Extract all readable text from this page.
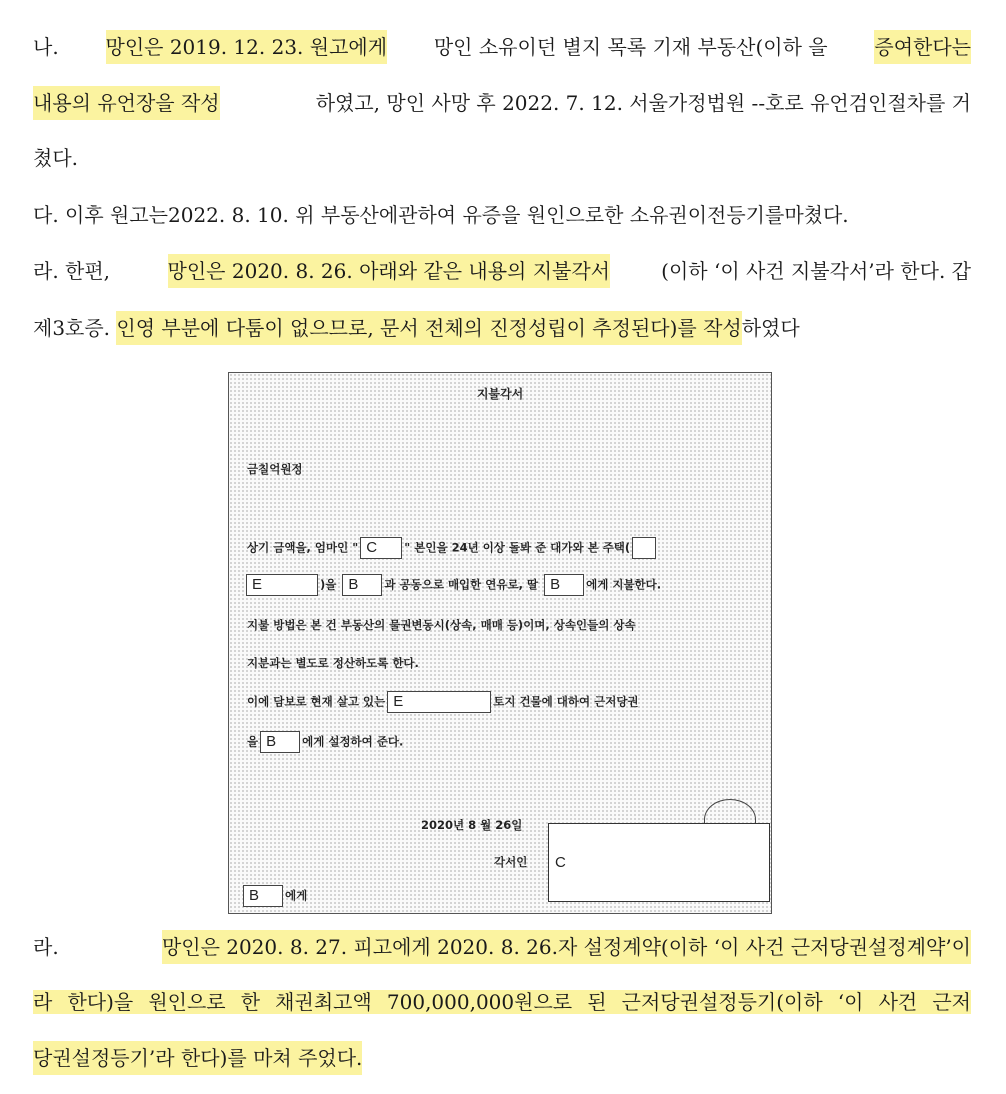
나. 망인은 2019. 12. 23. 원고에게 망인 소유이던 별지 목록 기재 부동산(이하 을 증여한다는
내용의 유언장을 작성	하였고, 망인 사망 후 2022. 7. 12. 서울가정법원 --호로 유언검인절차를 거
쳤다.
다. 이후 원고는2022. 8. 10. 위 부동산에관하여 유증을 원인으로한 소유권이전등기를마쳤다.
라. 한편,	망인은 2020. 8. 26. 아래와 같은 내용의 지불각서	(이하 ‘이 사건 지불각서’라 한다. 갑
제3호증. 인영 부분에 다툼이 없으므로, 문서 전체의 진정성립이 추정된다)를 작성 하였다
지불각서
금칠억원정
상기 금액을, 엄마인 " C " 본인을 24년 이상 돌봐 준 대가와 본 주택(
E	)을 B 과 공동으로 매입한 연유로, 딸 B 에게 지불한다.
지불 방법은 본 건 부동산의 물권변동시(상속, 매매 등)이며, 상속인들의 상속
지분과는 별도로 정산하도록 한다.
이에 담보로 현재 살고 있는 E	토지 건물에 대하여 근저당권
을 B 에게 설정하여 준다.
2020년 8 월 26일
C
각서인
B 에게
라.	망인은 2020. 8. 27. 피고에게 2020. 8. 26.자 설정계약(이하 ‘이 사건 근저당권설정계약’이
라 한다)을 원인으로 한 채권최고액 700,000,000원으로 된 근저당권설정등기(이하 ‘이 사건 근저
당권설정등기’라 한다)를 마쳐 주었다.
